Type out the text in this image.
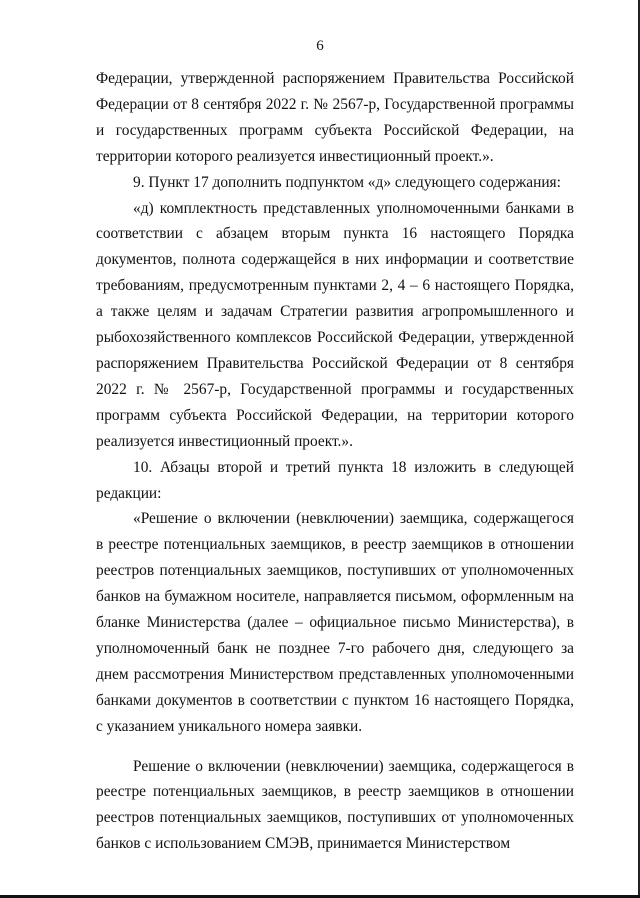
6

Федерации, утвержденной распоряжением Правительства Российской Федерации от 8 сентября 2022 г. № 2567-р, Государственной программы и государственных программ субъекта Российской Федерации, на территории которого реализуется инвестиционный проект.».

9. Пункт 17 дополнить подпунктом «д» следующего содержания:

«д) комплектность представленных уполномоченными банками в соответствии с абзацем вторым пункта 16 настоящего Порядка документов, полнота содержащейся в них информации и соответствие требованиям, предусмотренным пунктами 2, 4 – 6 настоящего Порядка, а также целям и задачам Стратегии развития агропромышленного и рыбохозяйственного комплексов Российской Федерации, утвержденной распоряжением Правительства Российской Федерации от 8 сентября 2022 г. № 2567-р, Государственной программы и государственных программ субъекта Российской Федерации, на территории которого реализуется инвестиционный проект.».

10. Абзацы второй и третий пункта 18 изложить в следующей редакции:

«Решение о включении (невключении) заемщика, содержащегося в реестре потенциальных заемщиков, в реестр заемщиков в отношении реестров потенциальных заемщиков, поступивших от уполномоченных банков на бумажном носителе, направляется письмом, оформленным на бланке Министерства (далее – официальное письмо Министерства), в уполномоченный банк не позднее 7-го рабочего дня, следующего за днем рассмотрения Министерством представленных уполномоченными банками документов в соответствии с пунктом 16 настоящего Порядка, с указанием уникального номера заявки.

Решение о включении (невключении) заемщика, содержащегося в реестре потенциальных заемщиков, в реестр заемщиков в отношении реестров потенциальных заемщиков, поступивших от уполномоченных банков с использованием СМЭВ, принимается Министерством
